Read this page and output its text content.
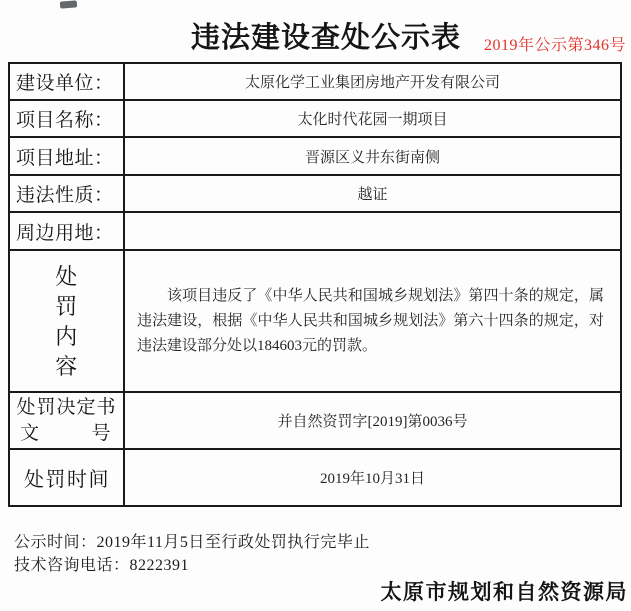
违法建设查处公示表	2019年公示第346号
建设单位：	太原化学工业集团房地产开发有限公司
项目名称：	太化时代花园一期项目
项目地址：	晋源区义井东街南侧
违法性质：	越证
周边用地：	

处
罚
内
容	该项目违反了《中华人民共和国城乡规划法》第四十条的规定，属违法建设，根据《中华人民共和国城乡规划法》第六十四条的规定，对违法建设部分处以184603元的罚款。

处罚决定书
文 号	并自然资罚字[2019]第0036号
处罚时间	2019年10月31日
公示时间：2019年11月5日至行政处罚执行完毕止
技术咨询电话：8222391
太原市规划和自然资源局
